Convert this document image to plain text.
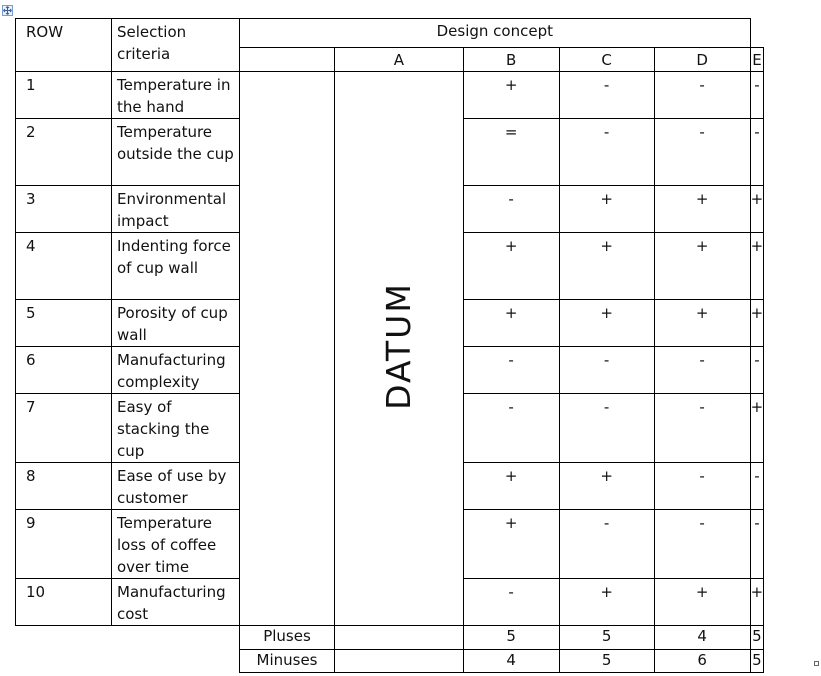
ROW	Selection criteria	Design concept					
			A	B	C	D	E
1	Temperature in the hand		DATUM	+	-	-	-
2	Temperature outside the cup			=	-	-	-
3	Environmental impact			-	+	+	+
4	Indenting force of cup wall			+	+	+	+
5	Porosity of cup wall			+	+	+	+
6	Manufacturing complexity			-	-	-	-
7	Easy of stacking the cup			-	-	-	+
8	Ease of use by customer			+	+	-	-
9	Temperature loss of coffee over time			+	-	-	-
10	Manufacturing cost			-	+	+	+
		Pluses		5	5	4	5
		Minuses		4	5	6	5
